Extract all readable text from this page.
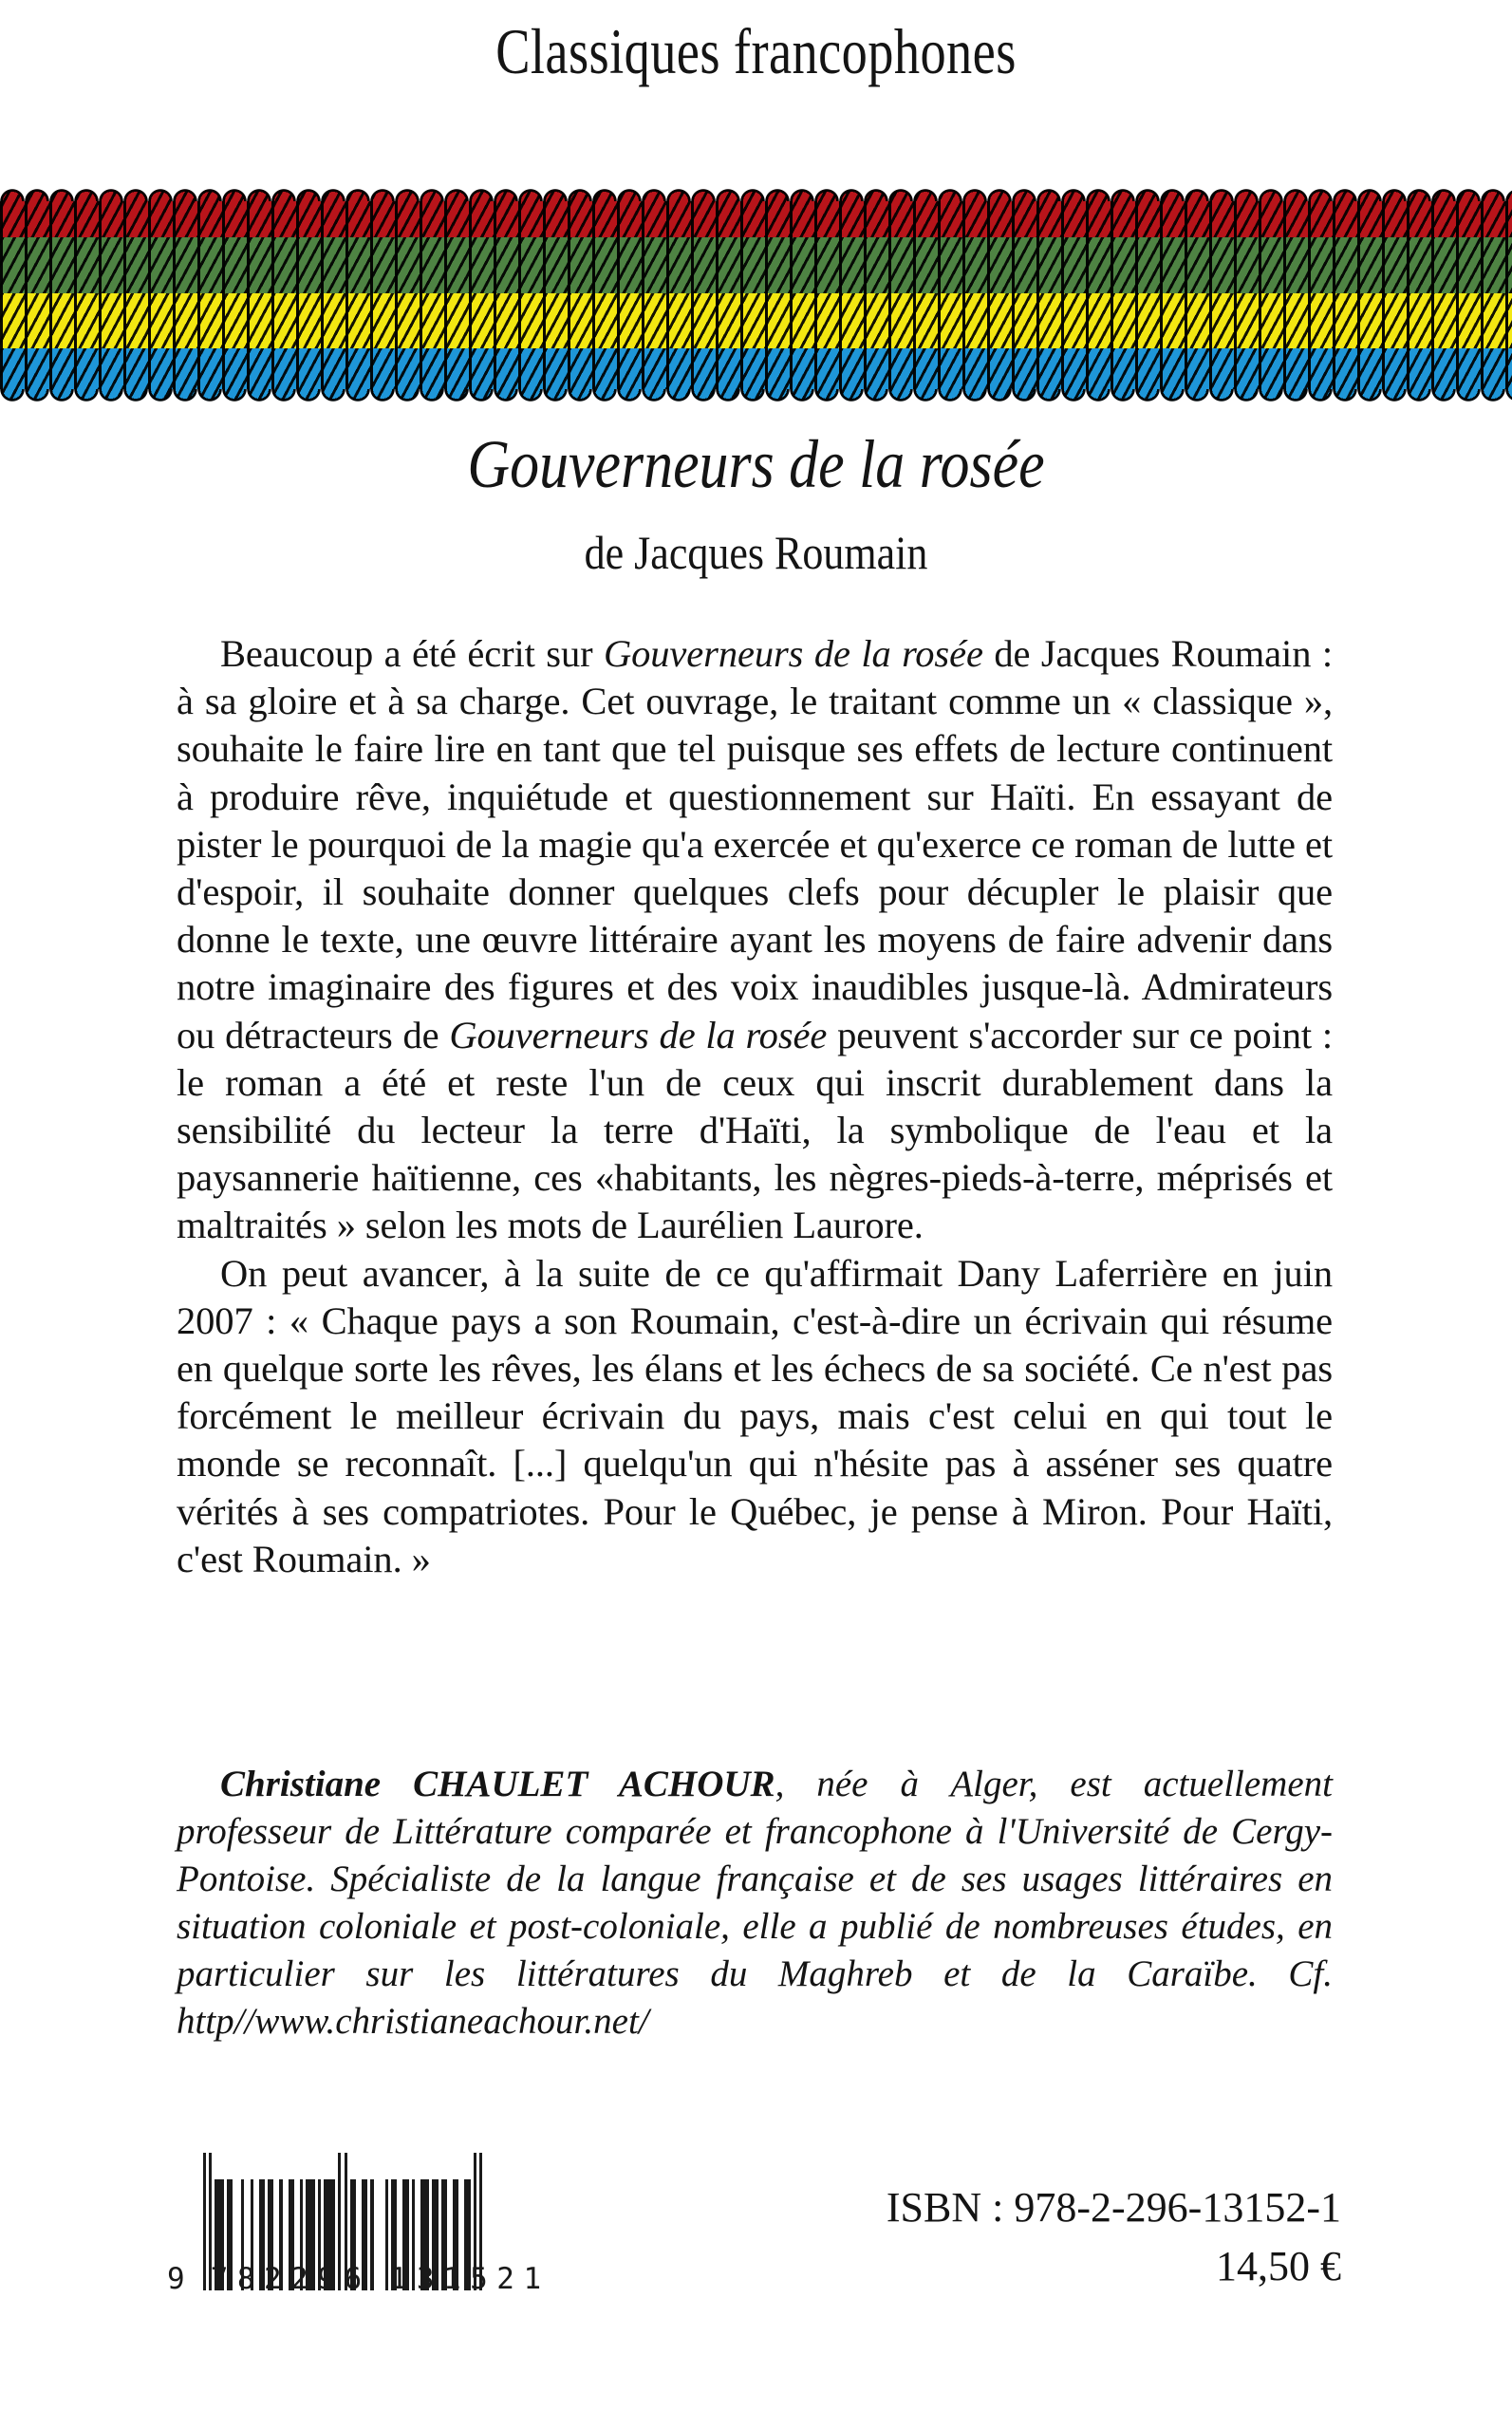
Classiques francophones
Gouverneurs de la rosée
de Jacques Roumain

Beaucoup a été écrit sur Gouverneurs de la rosée de Jacques Roumain : à sa gloire et à sa charge. Cet ouvrage, le traitant comme un « classique », souhaite le faire lire en tant que tel puisque ses effets de lecture continuent à produire rêve, inquiétude et questionnement sur Haïti. En essayant de pister le pourquoi de la magie qu'a exercée et qu'exerce ce roman de lutte et d'espoir, il souhaite donner quelques clefs pour décupler le plaisir que donne le texte, une œuvre littéraire ayant les moyens de faire advenir dans notre imaginaire des figures et des voix inaudibles jusque-là. Admirateurs ou détracteurs de Gouverneurs de la rosée peuvent s'accorder sur ce point : le roman a été et reste l'un de ceux qui inscrit durablement dans la sensibilité du lecteur la terre d'Haïti, la symbolique de l'eau et la paysannerie haïtienne, ces «habitants, les nègres-pieds-à-terre, méprisés et maltraités » selon les mots de Laurélien Laurore.

On peut avancer, à la suite de ce qu'affirmait Dany Laferrière en juin 2007 : « Chaque pays a son Roumain, c'est-à-dire un écrivain qui résume en quelque sorte les rêves, les élans et les échecs de sa société. Ce n'est pas forcément le meilleur écrivain du pays, mais c'est celui en qui tout le monde se reconnaît. [...] quelqu'un qui n'hésite pas à asséner ses quatre vérités à ses compatriotes. Pour le Québec, je pense à Miron. Pour Haïti, c'est Roumain. »

Christiane CHAULET ACHOUR, née à Alger, est actuellement professeur de Littérature comparée et francophone à l'Université de Cergy-Pontoise. Spécialiste de la langue française et de ses usages littéraires en situation coloniale et post-coloniale, elle a publié de nombreuses études, en particulier sur les littératures du Maghreb et de la Caraïbe. Cf. http//www.christianeachour.net/

9 782296 131521
ISBN : 978-2-296-13152-1
14,50 €
